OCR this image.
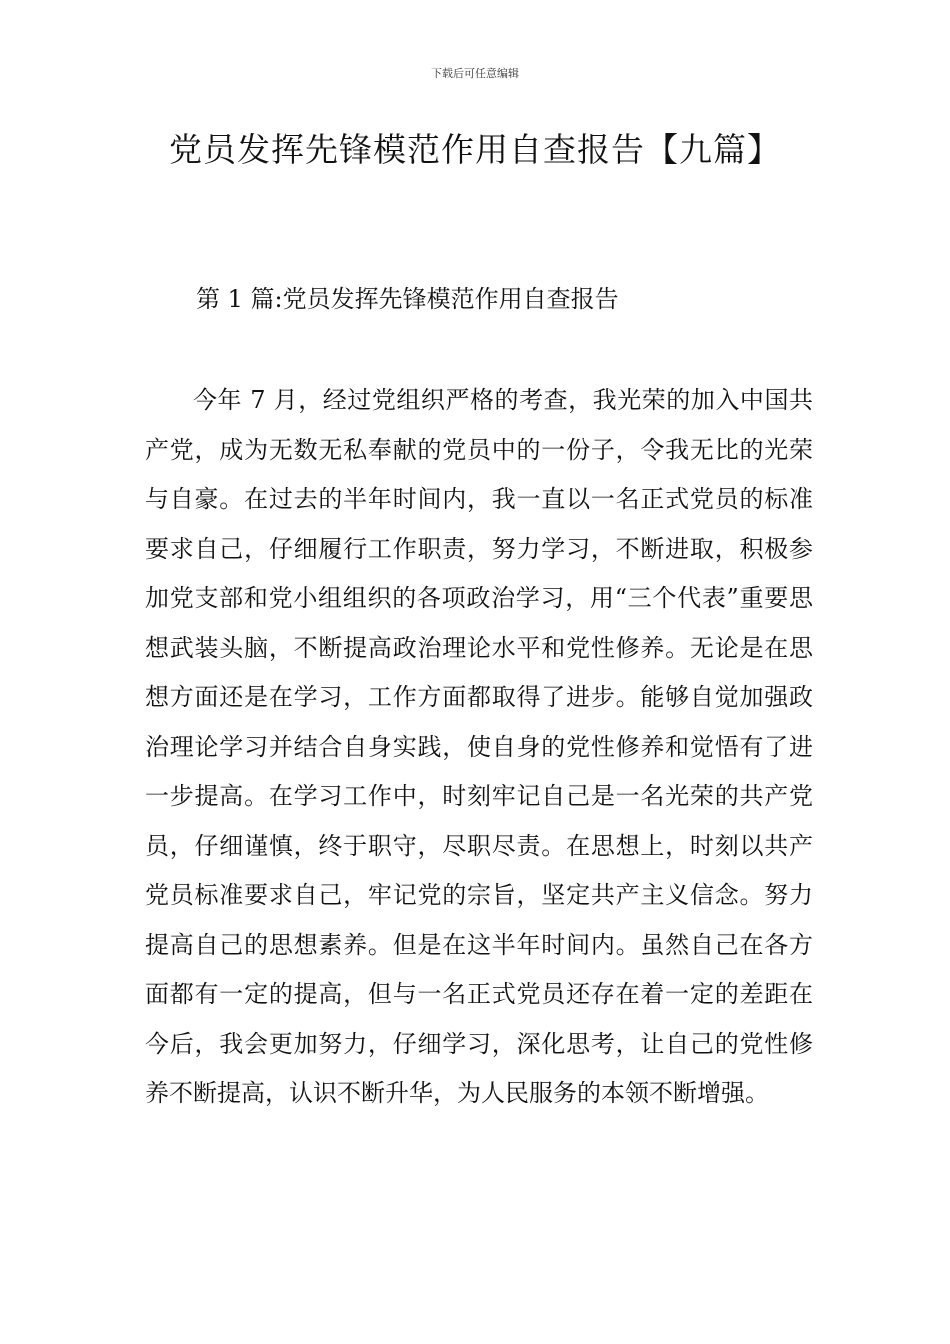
下载后可任意编辑
党员发挥先锋模范作用自查报告【九篇】
第 1 篇:党员发挥先锋模范作用自查报告

今年 7 月，经过党组织严格的考查，我光荣的加入中国共产党，成为无数无私奉献的党员中的一份子，令我无比的光荣与自豪。在过去的半年时间内，我一直以一名正式党员的标准要求自己，仔细履行工作职责，努力学习，不断进取，积极参加党支部和党小组组织的各项政治学习，用“三个代表”重要思想武装头脑，不断提高政治理论水平和党性修养。无论是在思想方面还是在学习，工作方面都取得了进步。能够自觉加强政治理论学习并结合自身实践，使自身的党性修养和觉悟有了进一步提高。在学习工作中，时刻牢记自己是一名光荣的共产党员，仔细谨慎，终于职守，尽职尽责。在思想上，时刻以共产党员标准要求自己，牢记党的宗旨，坚定共产主义信念。努力提高自己的思想素养。但是在这半年时间内。虽然自己在各方面都有一定的提高，但与一名正式党员还存在着一定的差距在今后，我会更加努力，仔细学习，深化思考，让自己的党性修养不断提高，认识不断升华，为人民服务的本领不断增强。
